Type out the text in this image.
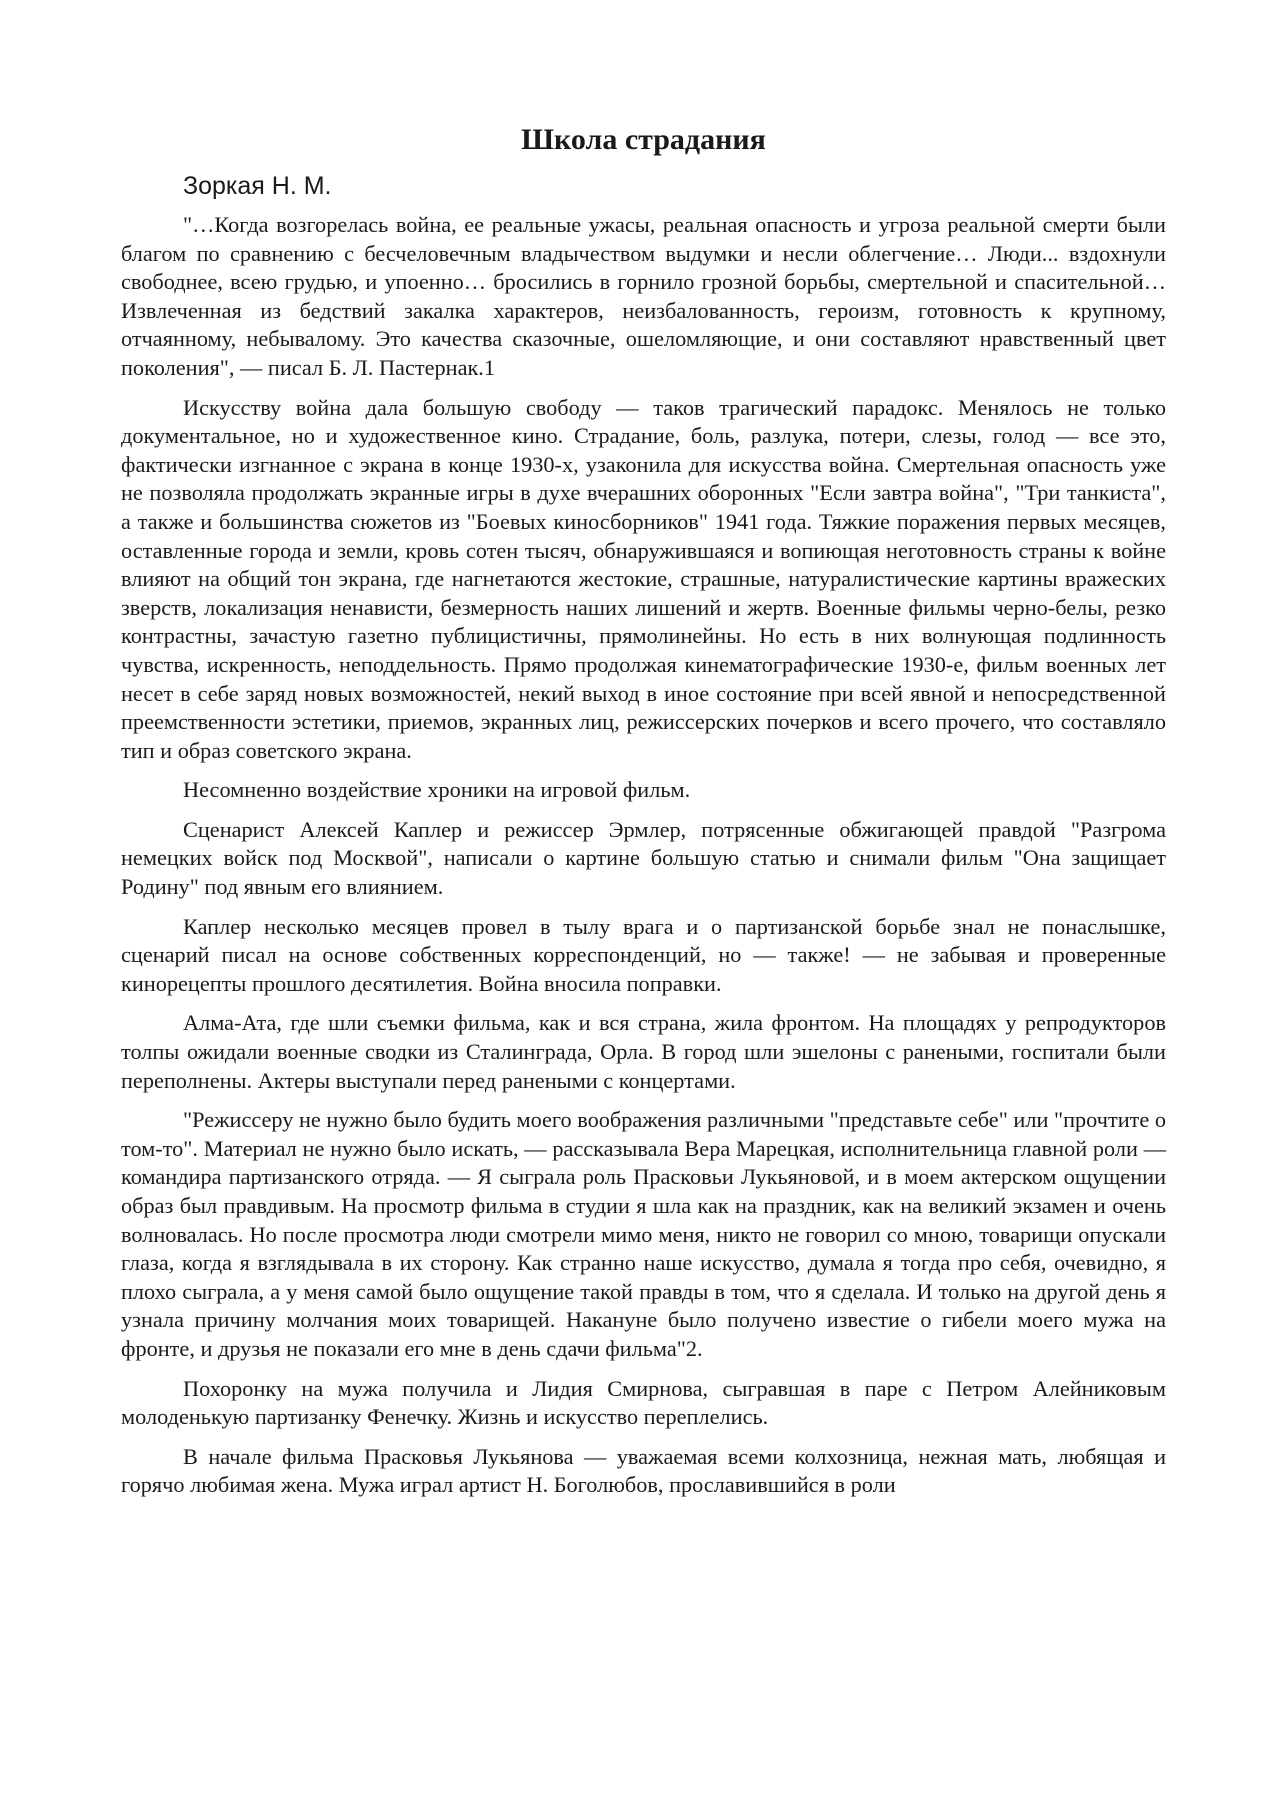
Школа страдания

Зоркая Н. М.

"…Когда возгорелась война, ее реальные ужасы, реальная опасность и угроза реальной смерти были благом по сравнению с бесчеловечным владычеством выдумки и несли облегчение… Люди... вздохнули свободнее, всею грудью, и упоенно… бросились в горнило грозной борьбы, смертельной и спасительной… Извлеченная из бедствий закалка характеров, неизбалованность, героизм, готовность к крупному, отчаянному, небывалому. Это качества сказочные, ошеломляющие, и они составляют нравственный цвет поколения", — писал Б. Л. Пастернак.1

Искусству война дала большую свободу — таков трагический парадокс. Менялось не только документальное, но и художественное кино. Страдание, боль, разлука, потери, слезы, голод — все это, фактически изгнанное с экрана в конце 1930-х, узаконила для искусства война. Смертельная опасность уже не позволяла продолжать экранные игры в духе вчерашних оборонных "Если завтра война", "Три танкиста", а также и большинства сюжетов из "Боевых киносборников" 1941 года. Тяжкие поражения первых месяцев, оставленные города и земли, кровь сотен тысяч, обнаружившаяся и вопиющая неготовность страны к войне влияют на общий тон экрана, где нагнетаются жестокие, страшные, натуралистические картины вражеских зверств, локализация ненависти, безмерность наших лишений и жертв. Военные фильмы черно-белы, резко контрастны, зачастую газетно публицистичны, прямолинейны. Но есть в них волнующая подлинность чувства, искренность, неподдельность. Прямо продолжая кинематографические 1930-е, фильм военных лет несет в себе заряд новых возможностей, некий выход в иное состояние при всей явной и непосредственной преемственности эстетики, приемов, экранных лиц, режиссерских почерков и всего прочего, что составляло тип и образ советского экрана.

Несомненно воздействие хроники на игровой фильм.

Сценарист Алексей Каплер и режиссер Эрмлер, потрясенные обжигающей правдой "Разгрома немецких войск под Москвой", написали о картине большую статью и снимали фильм "Она защищает Родину" под явным его влиянием.

Каплер несколько месяцев провел в тылу врага и о партизанской борьбе знал не понаслышке, сценарий писал на основе собственных корреспонденций, но — также! — не забывая и проверенные кинорецепты прошлого десятилетия. Война вносила поправки.

Алма-Ата, где шли съемки фильма, как и вся страна, жила фронтом. На площадях у репродукторов толпы ожидали военные сводки из Сталинграда, Орла. В город шли эшелоны с ранеными, госпитали были переполнены. Актеры выступали перед ранеными с концертами.

"Режиссеру не нужно было будить моего воображения различными "представьте себе" или "прочтите о том-то". Материал не нужно было искать, — рассказывала Вера Марецкая, исполнительница главной роли — командира партизанского отряда. — Я сыграла роль Прасковьи Лукьяновой, и в моем актерском ощущении образ был правдивым. На просмотр фильма в студии я шла как на праздник, как на великий экзамен и очень волновалась. Но после просмотра люди смотрели мимо меня, никто не говорил со мною, товарищи опускали глаза, когда я взглядывала в их сторону. Как странно наше искусство, думала я тогда про себя, очевидно, я плохо сыграла, а у меня самой было ощущение такой правды в том, что я сделала. И только на другой день я узнала причину молчания моих товарищей. Накануне было получено известие о гибели моего мужа на фронте, и друзья не показали его мне в день сдачи фильма"2.

Похоронку на мужа получила и Лидия Смирнова, сыгравшая в паре с Петром Алейниковым молоденькую партизанку Фенечку. Жизнь и искусство переплелись.

В начале фильма Прасковья Лукьянова — уважаемая всеми колхозница, нежная мать, любящая и горячо любимая жена. Мужа играл артист Н. Боголюбов, прославившийся в роли
